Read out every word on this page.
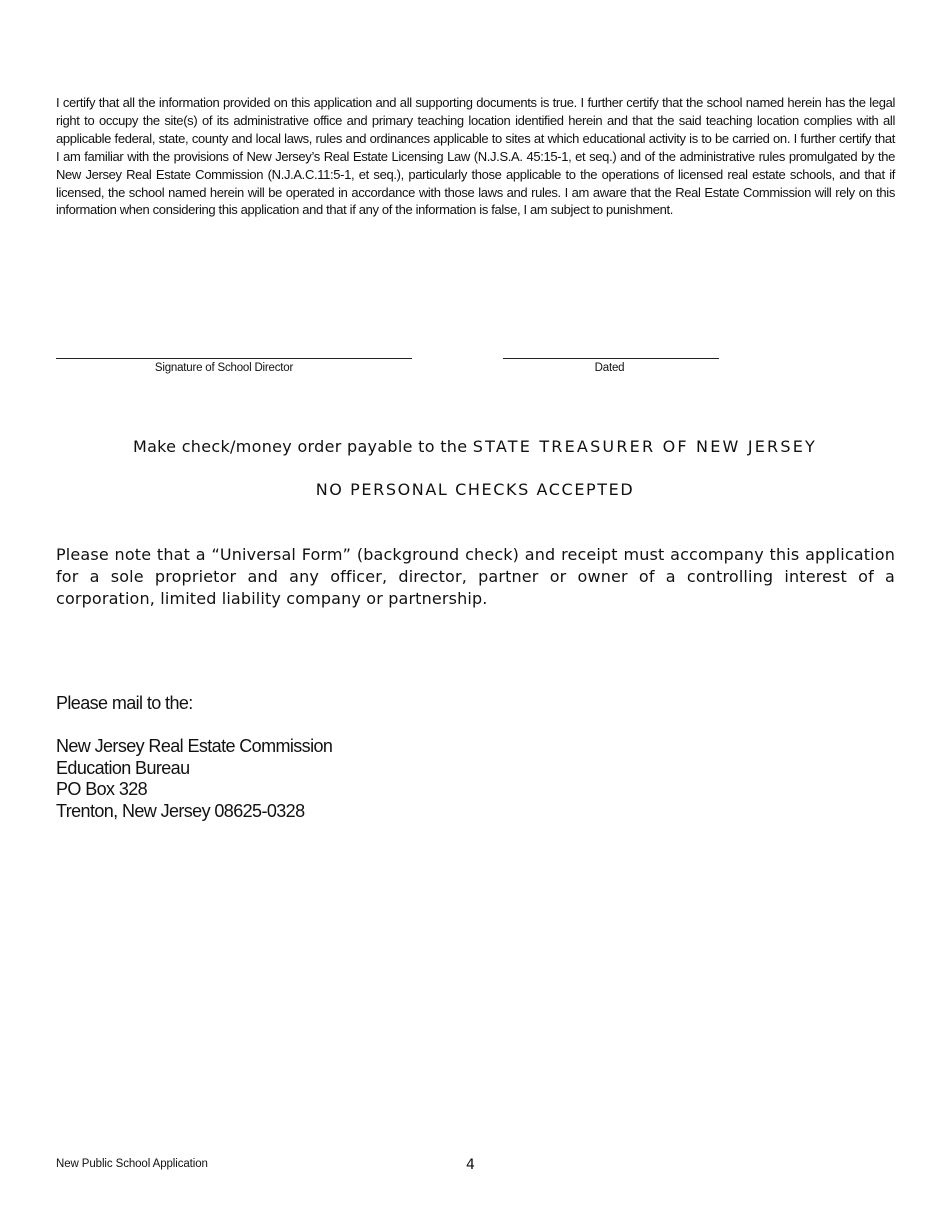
I certify that all the information provided on this application and all supporting documents is true. I further certify that the school named herein has the legal right to occupy the site(s) of its administrative office and primary teaching location identified herein and that the said teaching location complies with all applicable federal, state, county and local laws, rules and ordinances applicable to sites at which educational activity is to be carried on. I further certify that I am familiar with the provisions of New Jersey’s Real Estate Licensing Law (N.J.S.A. 45:15-1, et seq.) and of the administrative rules promulgated by the New Jersey Real Estate Commission (N.J.A.C.11:5-1, et seq.), particularly those applicable to the operations of licensed real estate schools, and that if licensed, the school named herein will be operated in accordance with those laws and rules. I am aware that the Real Estate Commission will rely on this information when considering this application and that if any of the information is false, I am subject to punishment.

Signature of School Director	Dated
Make check/money order payable to the STATE TREASURER OF NEW JERSEY
NO PERSONAL CHECKS ACCEPTED

Please note that a “Universal Form” (background check) and receipt must accompany this application for a sole proprietor and any officer, director, partner or owner of a controlling interest of a corporation, limited liability company or partnership.

Please mail to the:
New Jersey Real Estate Commission
Education Bureau
PO Box 328
Trenton, New Jersey 08625-0328
New Public School Application	4
